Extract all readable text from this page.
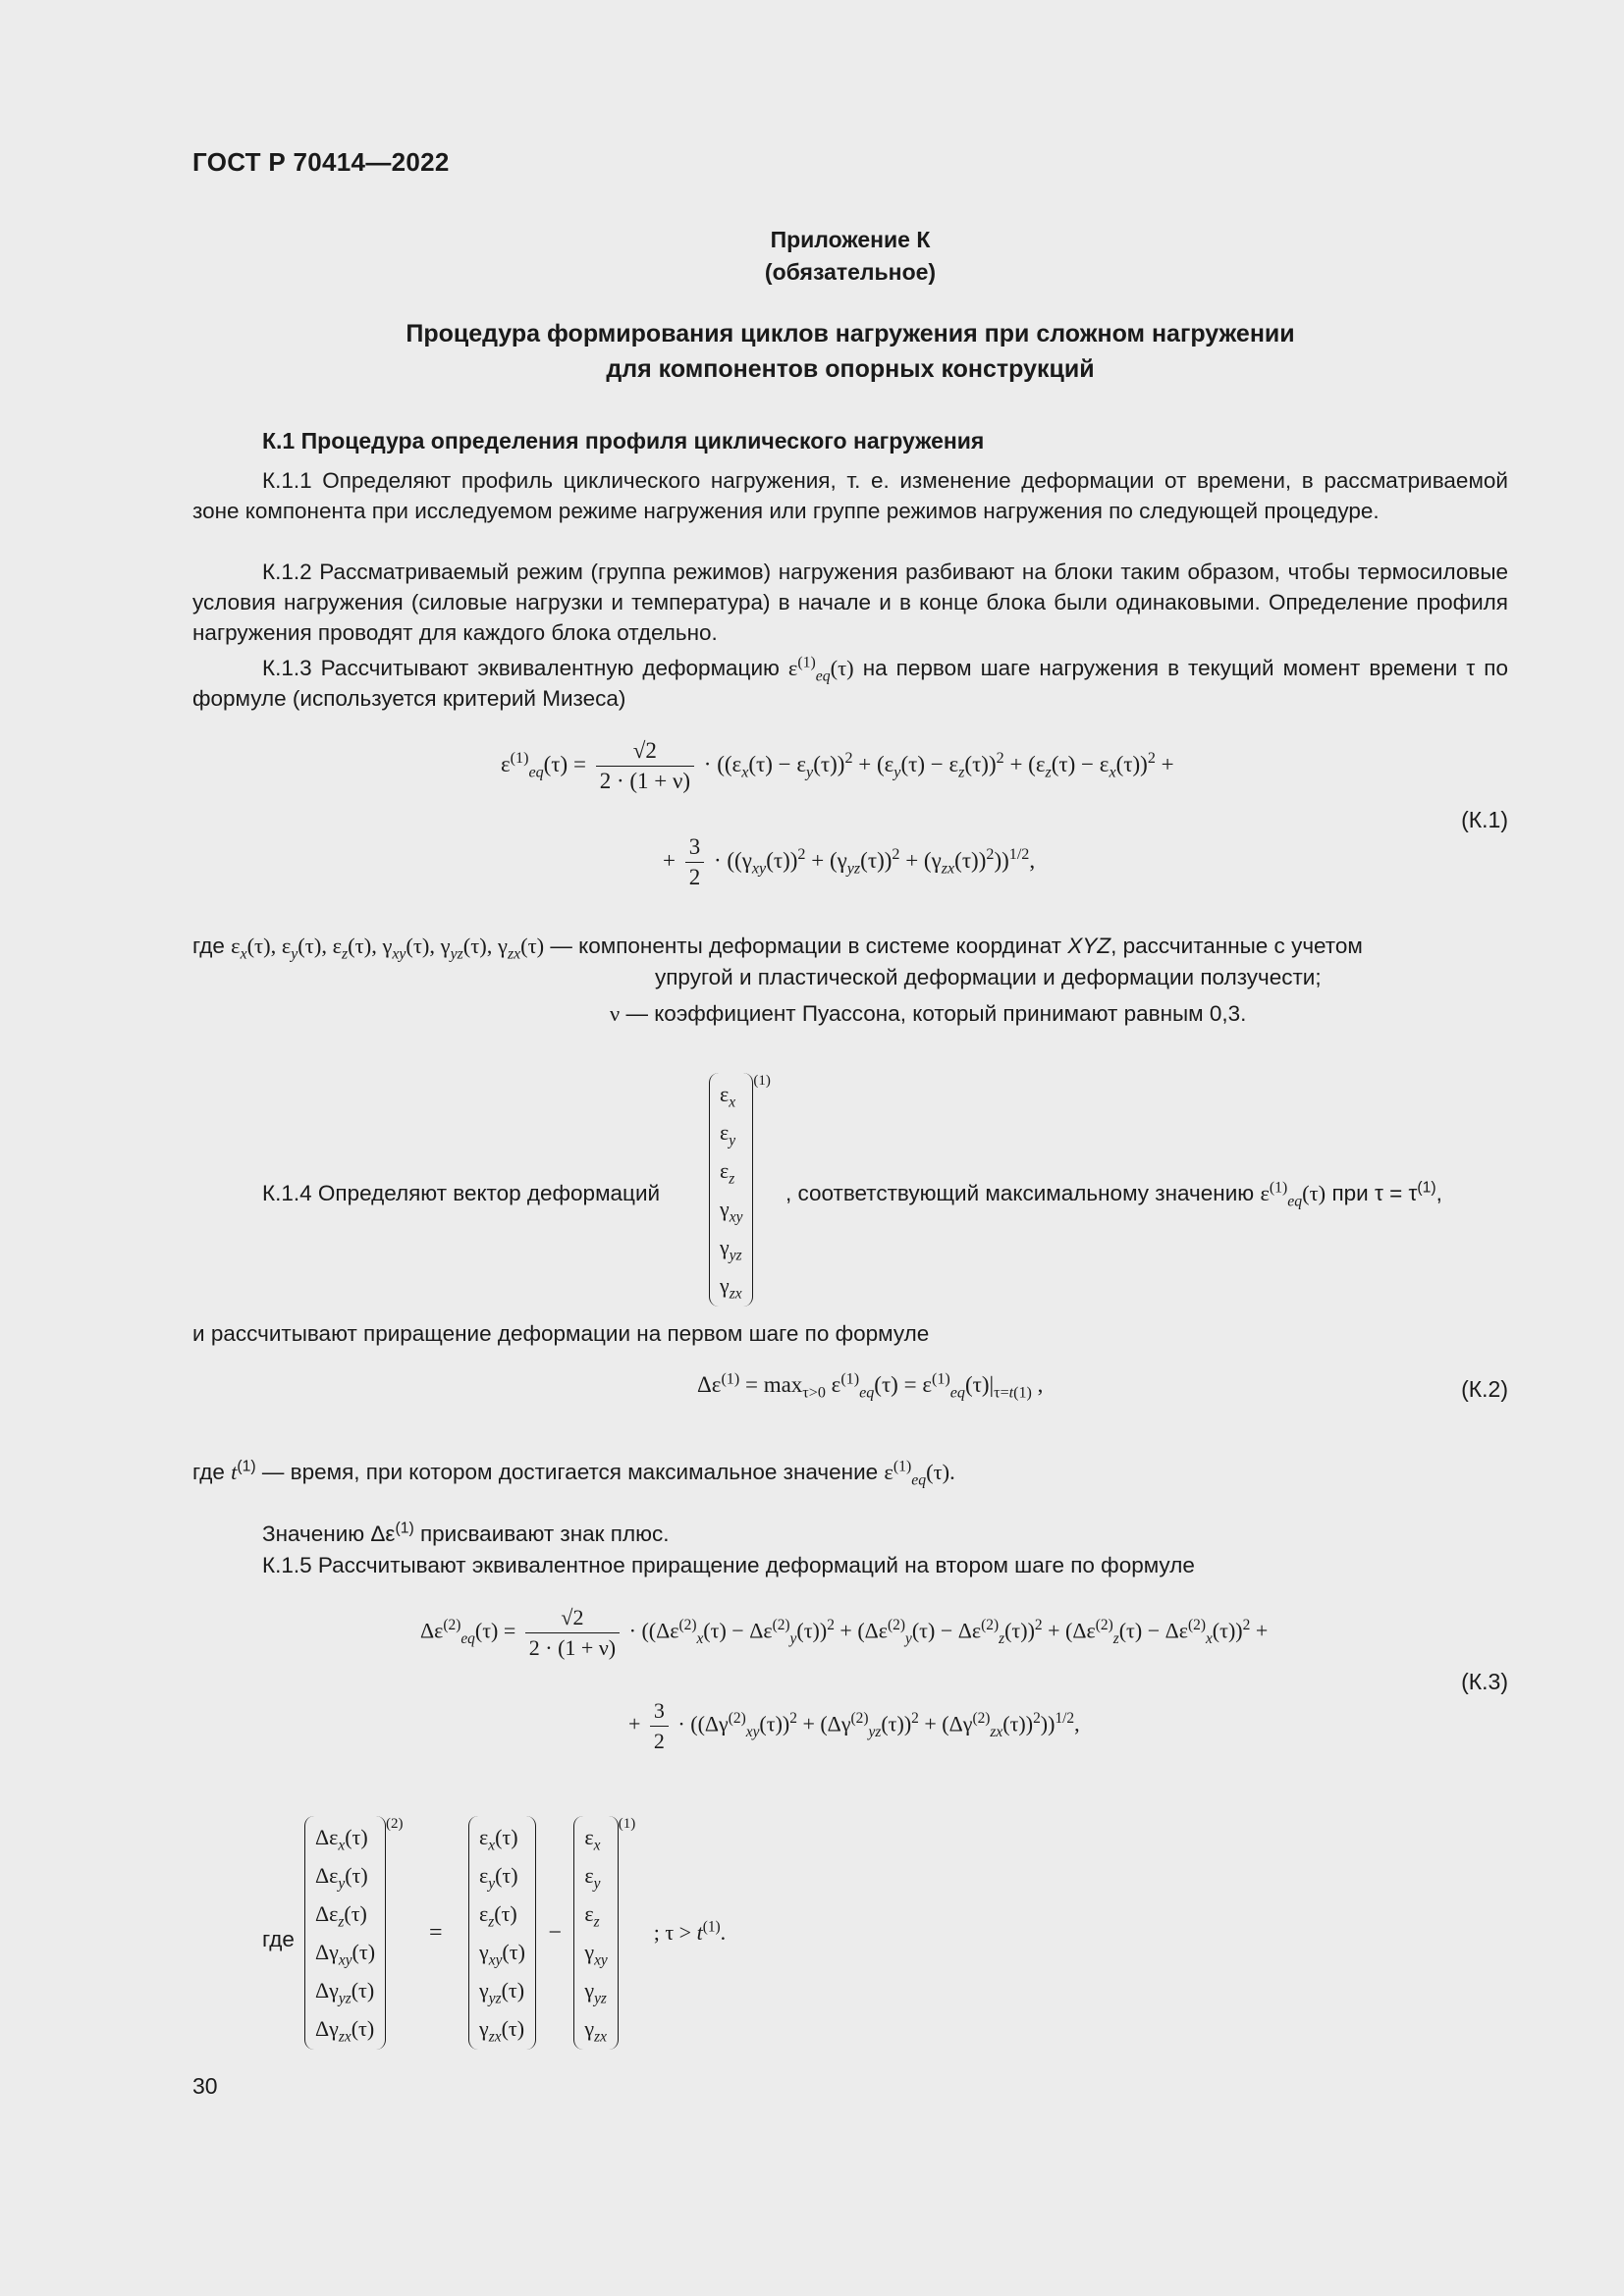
ГОСТ Р 70414—2022
Приложение К
(обязательное)
Процедура формирования циклов нагружения при сложном нагружении
для компонентов опорных конструкций
К.1 Процедура определения профиля циклического нагружения
К.1.1 Определяют профиль циклического нагружения, т. е. изменение деформации от времени, в рассматриваемой зоне компонента при исследуемом режиме нагружения или группе режимов нагружения по следующей процедуре.
К.1.2 Рассматриваемый режим (группа режимов) нагружения разбивают на блоки таким образом, чтобы термосиловые условия нагружения (силовые нагрузки и температура) в начале и в конце блока были одинаковыми. Определение профиля нагружения проводят для каждого блока отдельно.
К.1.3 Рассчитывают эквивалентную деформацию $\varepsilon^{(1)}_{eq}(\tau)$ на первом шаге нагружения в текущий момент времени τ по формуле (используется критерий Мизеса)
$\varepsilon^{(1)}_{eq}(\tau) = \frac{√2}{2 \cdot (1 + \nu)} \cdot ((\varepsilon_x(\tau) - \varepsilon_y(\tau))^2 + (\varepsilon_y(\tau) - \varepsilon_z(\tau))^2 + (\varepsilon_z(\tau) - \varepsilon_x(\tau))^2$ +
+ $\frac{3}{2} \cdot ((\gamma_{xy}(\tau))^2 + (\gamma_{yz}(\tau))^2 + (\gamma_{zx}(\tau))^2))^{1/2}$,
(К.1)
где $\varepsilon_x(\tau)$, $\varepsilon_y(\tau)$, $\varepsilon_z(\tau)$, $\gamma_{xy}(\tau)$, $\gamma_{yz}(\tau)$, $\gamma_{zx}(\tau)$ — компоненты деформации в системе координат XYZ, рассчитанные с учетом
упругой и пластической деформации и деформации ползучести;
ν — коэффициент Пуассона, который принимают равным 0,3.
К.1.4 Определяют вектор деформаций
$\varepsilon_x$
$\varepsilon_y$
$\varepsilon_z$
$\gamma_{xy}$
$\gamma_{yz}$
$\gamma_{zx}$
(1)
, соответствующий максимальному значению $\varepsilon^{(1)}_{eq}(\tau)$ при $\tau = \tau^{(1)}$,
и рассчитывают приращение деформации на первом шаге по формуле
$\Delta\varepsilon^{(1)} = \max_{\tau>0} \varepsilon^{(1)}_{eq}(\tau) = \varepsilon^{(1)}_{eq}(\tau)|_{\tau=t(1)}$ ,	(К.2)
где $t^{(1)}$ — время, при котором достигается максимальное значение $\varepsilon^{(1)}_{eq}(\tau)$.
Значению $\Delta\varepsilon^{(1)}$ присваивают знак плюс.
К.1.5 Рассчитывают эквивалентное приращение деформаций на втором шаге по формуле
$\Delta\varepsilon^{(2)}_{eq}(\tau) = \frac{√2}{2 \cdot (1 + \nu)} \cdot ((\Delta\varepsilon^{(2)}_x(\tau) - \Delta\varepsilon^{(2)}_y(\tau))^2 + (\Delta\varepsilon^{(2)}_y(\tau) - \Delta\varepsilon^{(2)}_z(\tau))^2 + (\Delta\varepsilon^{(2)}_z(\tau) - \Delta\varepsilon^{(2)}_x(\tau))^2$ +
+ $\frac{3}{2} \cdot ((\Delta\gamma^{(2)}_{xy}(\tau))^2 + (\Delta\gamma^{(2)}_{yz}(\tau))^2 + (\Delta\gamma^{(2)}_{zx}(\tau))^2))^{1/2}$,
(К.3)
где
$\Delta\varepsilon_x(\tau)$
$\Delta\varepsilon_y(\tau)$
$\Delta\varepsilon_z(\tau)$
$\Delta\gamma_{xy}(\tau)$
$\Delta\gamma_{yz}(\tau)$
$\Delta\gamma_{zx}(\tau)$
(2) =
$\varepsilon_x(\tau)$
$\varepsilon_y(\tau)$
$\varepsilon_z(\tau)$
$\gamma_{xy}(\tau)$
$\gamma_{yz}(\tau)$
$\gamma_{zx}(\tau)$
−
$\varepsilon_x$
$\varepsilon_y$
$\varepsilon_z$
$\gamma_{xy}$
$\gamma_{yz}$
$\gamma_{zx}$
(1) ; $\tau > t^{(1)}$.
30
